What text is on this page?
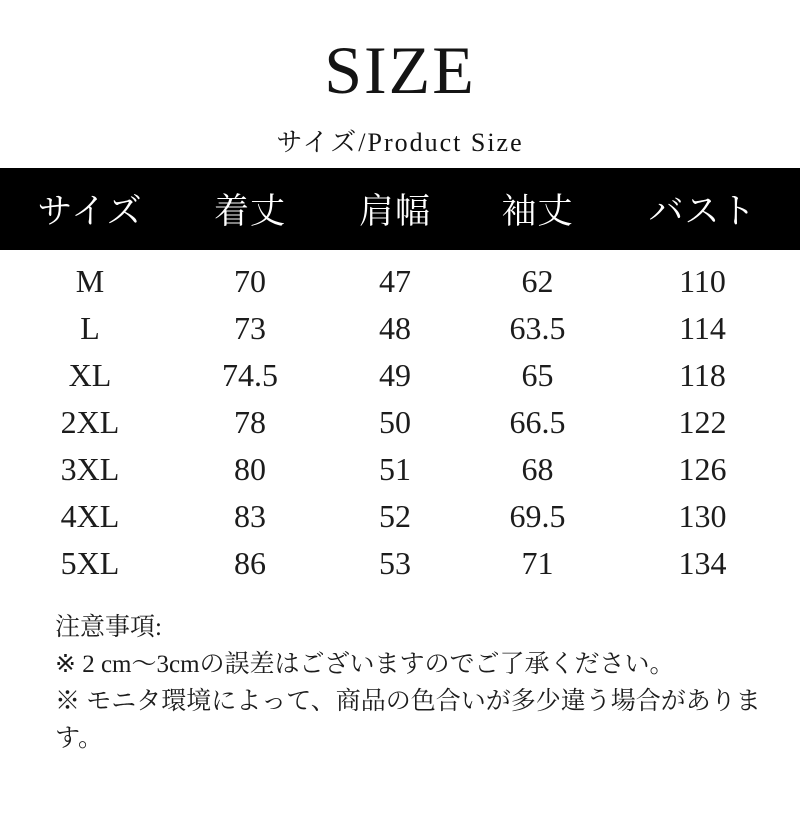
SIZE
サイズ/Product Size
サイズ	着丈	肩幅	袖丈	バスト
M	70	47	62	110
L	73	48	63.5	114
XL	74.5	49	65	118
2XL	78	50	66.5	122
3XL	80	51	68	126
4XL	83	52	69.5	130
5XL	86	53	71	134
注意事項:
※ 2 cm～3cmの誤差はございますのでご了承ください。
※ モニタ環境によって、商品の色合いが多少違う場合があります。
